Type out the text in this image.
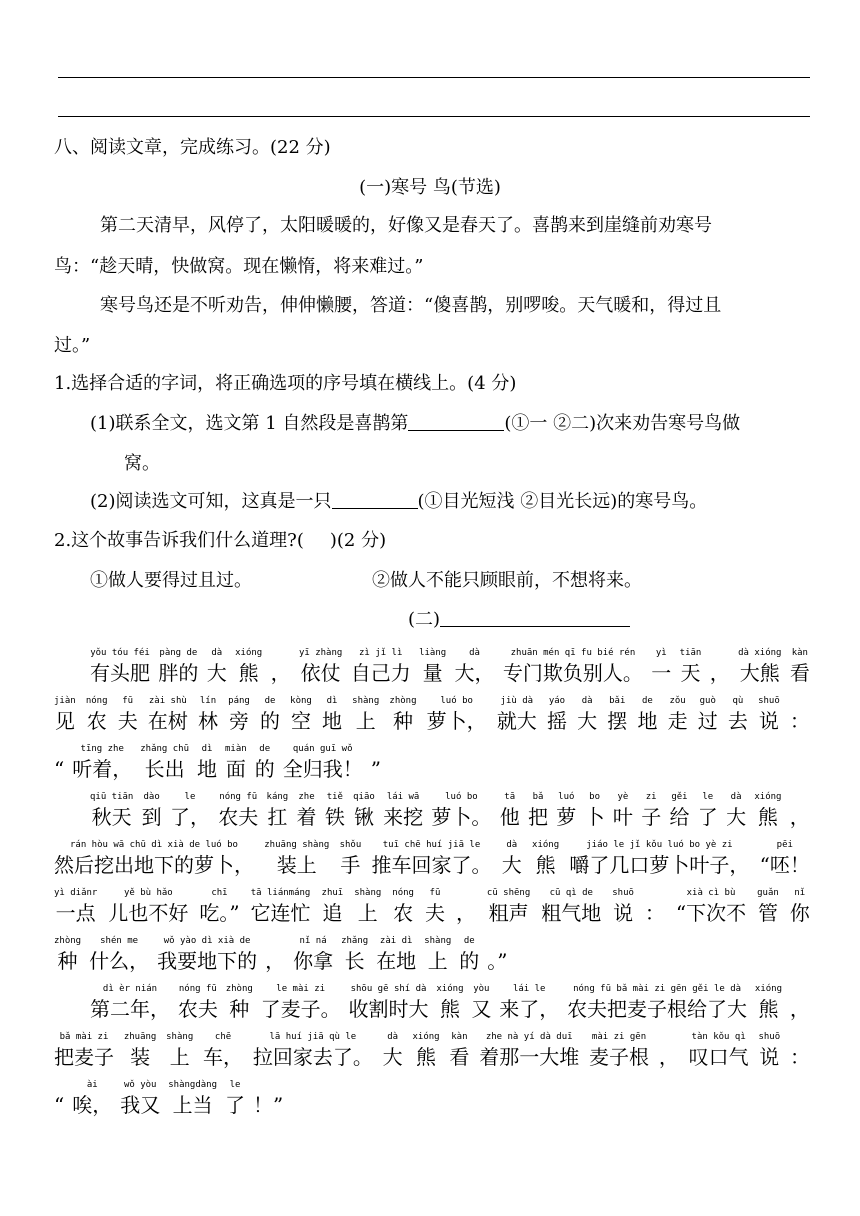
八、阅读文章，完成练习。(22 分)
(一)寒号 鸟(节选)
第二天清早，风停了，太阳暖暖的，好像又是春天了。喜鹊来到崖缝前劝寒号
鸟：“趁天晴，快做窝。现在懒惰，将来难过。”
寒号鸟还是不听劝告，伸伸懒腰，答道：“傻喜鹊，别啰唆。天气暖和，得过且
过。”
1.选择合适的字词，将正确选项的序号填在横线上。(4 分)
(1)联系全文，选文第 1 自然段是喜鹊第	(①一 ②二)次来劝告寒号鸟做
窝。
(2)阅读选文可知，这真是一只	(①目光短浅 ②目光长远)的寒号鸟。
2.这个故事告诉我们什么道理?( )(2 分)
①做人要得过且过。	②做人不能只顾眼前，不想将来。
(二)
yǒu tóu féi
有头肥
pàng de
胖的
dà
大
xióng
熊 ，
yī zhàng
依仗
zì jǐ lì
自己力
liàng
量
dà
大，
zhuān mén qī fu bié rén
专门欺负别人。
yì
一
tiān
天 ，
dà xióng
大熊
kàn
看
jiàn
见
nóng
农
fū
夫
zài shù
在树
lín
林
páng
旁
de
的
kòng
空
dì
地
shàng
上
zhòng
种
luó bo
萝卜，
jiù dà
就大
yáo
摇
dà
大
bǎi
摆
de
地
zǒu
走
guò
过
qù
去
shuō
说 ：
“
tīng zhe
听着，
zhǎng chū
长出
dì
地
miàn
面
de
的
quán guī wǒ
全归我！ ”
qiū tiān
秋天
dào
到
le
了，
nóng fū
农夫
káng
扛
zhe
着
tiě
铁
qiāo
锹
lái wā
来挖
luó bo
萝卜。
tā
他
bǎ
把
luó
萝
bo
卜
yè
叶
zi
子
gěi
给
le
了
dà
大
xióng
熊 ，
rán hòu wā chū dì xià de luó bo
然后挖出地下的萝卜，
zhuāng shàng
装上
shǒu
手
tuī chē huí jiā le
推车回家了。
dà
大
xióng
熊
jiáo le jǐ kǒu luó bo yè zi
嚼了几口萝卜叶子，
pēi
“呸！
yì diǎnr
一点
yě bù hǎo
儿也不好
chī
吃。”
tā liánmáng
它连忙
zhuī
追
shàng
上
nóng
农
fū
夫 ，
cū shēng
粗声
cū qì de
粗气地
shuō
说 ：
xià cì bù
“下次不
guǎn
管
nǐ
你
zhòng
种
shén me
什么，
wǒ yào dì xià de
我要地下的 ，
nǐ ná
你拿
zhǎng
长
zài dì
在地
shàng
上
de
的 。”
dì èr nián
第二年，
nóng fū
农夫
zhòng
种
le mài zi
了麦子。
shōu gē shí dà
收割时大
xióng
熊
yòu
又
lái le
来了，
nóng fū bǎ mài zi gēn gěi le dà
农夫把麦子根给了大
xióng
熊 ，
bǎ mài zi
把麦子
zhuāng
装
shàng
上
chē
车，
lā huí jiā qù le
拉回家去了。
dà
大
xióng
熊
kàn
看
zhe nà yí dà duī
着那一大堆
mài zi gēn
麦子根 ，
tàn kǒu qì
叹口气
shuō
说 ：
“
ài
唉，
wǒ yòu
我又
shàngdàng
上当
le
了 ！”
